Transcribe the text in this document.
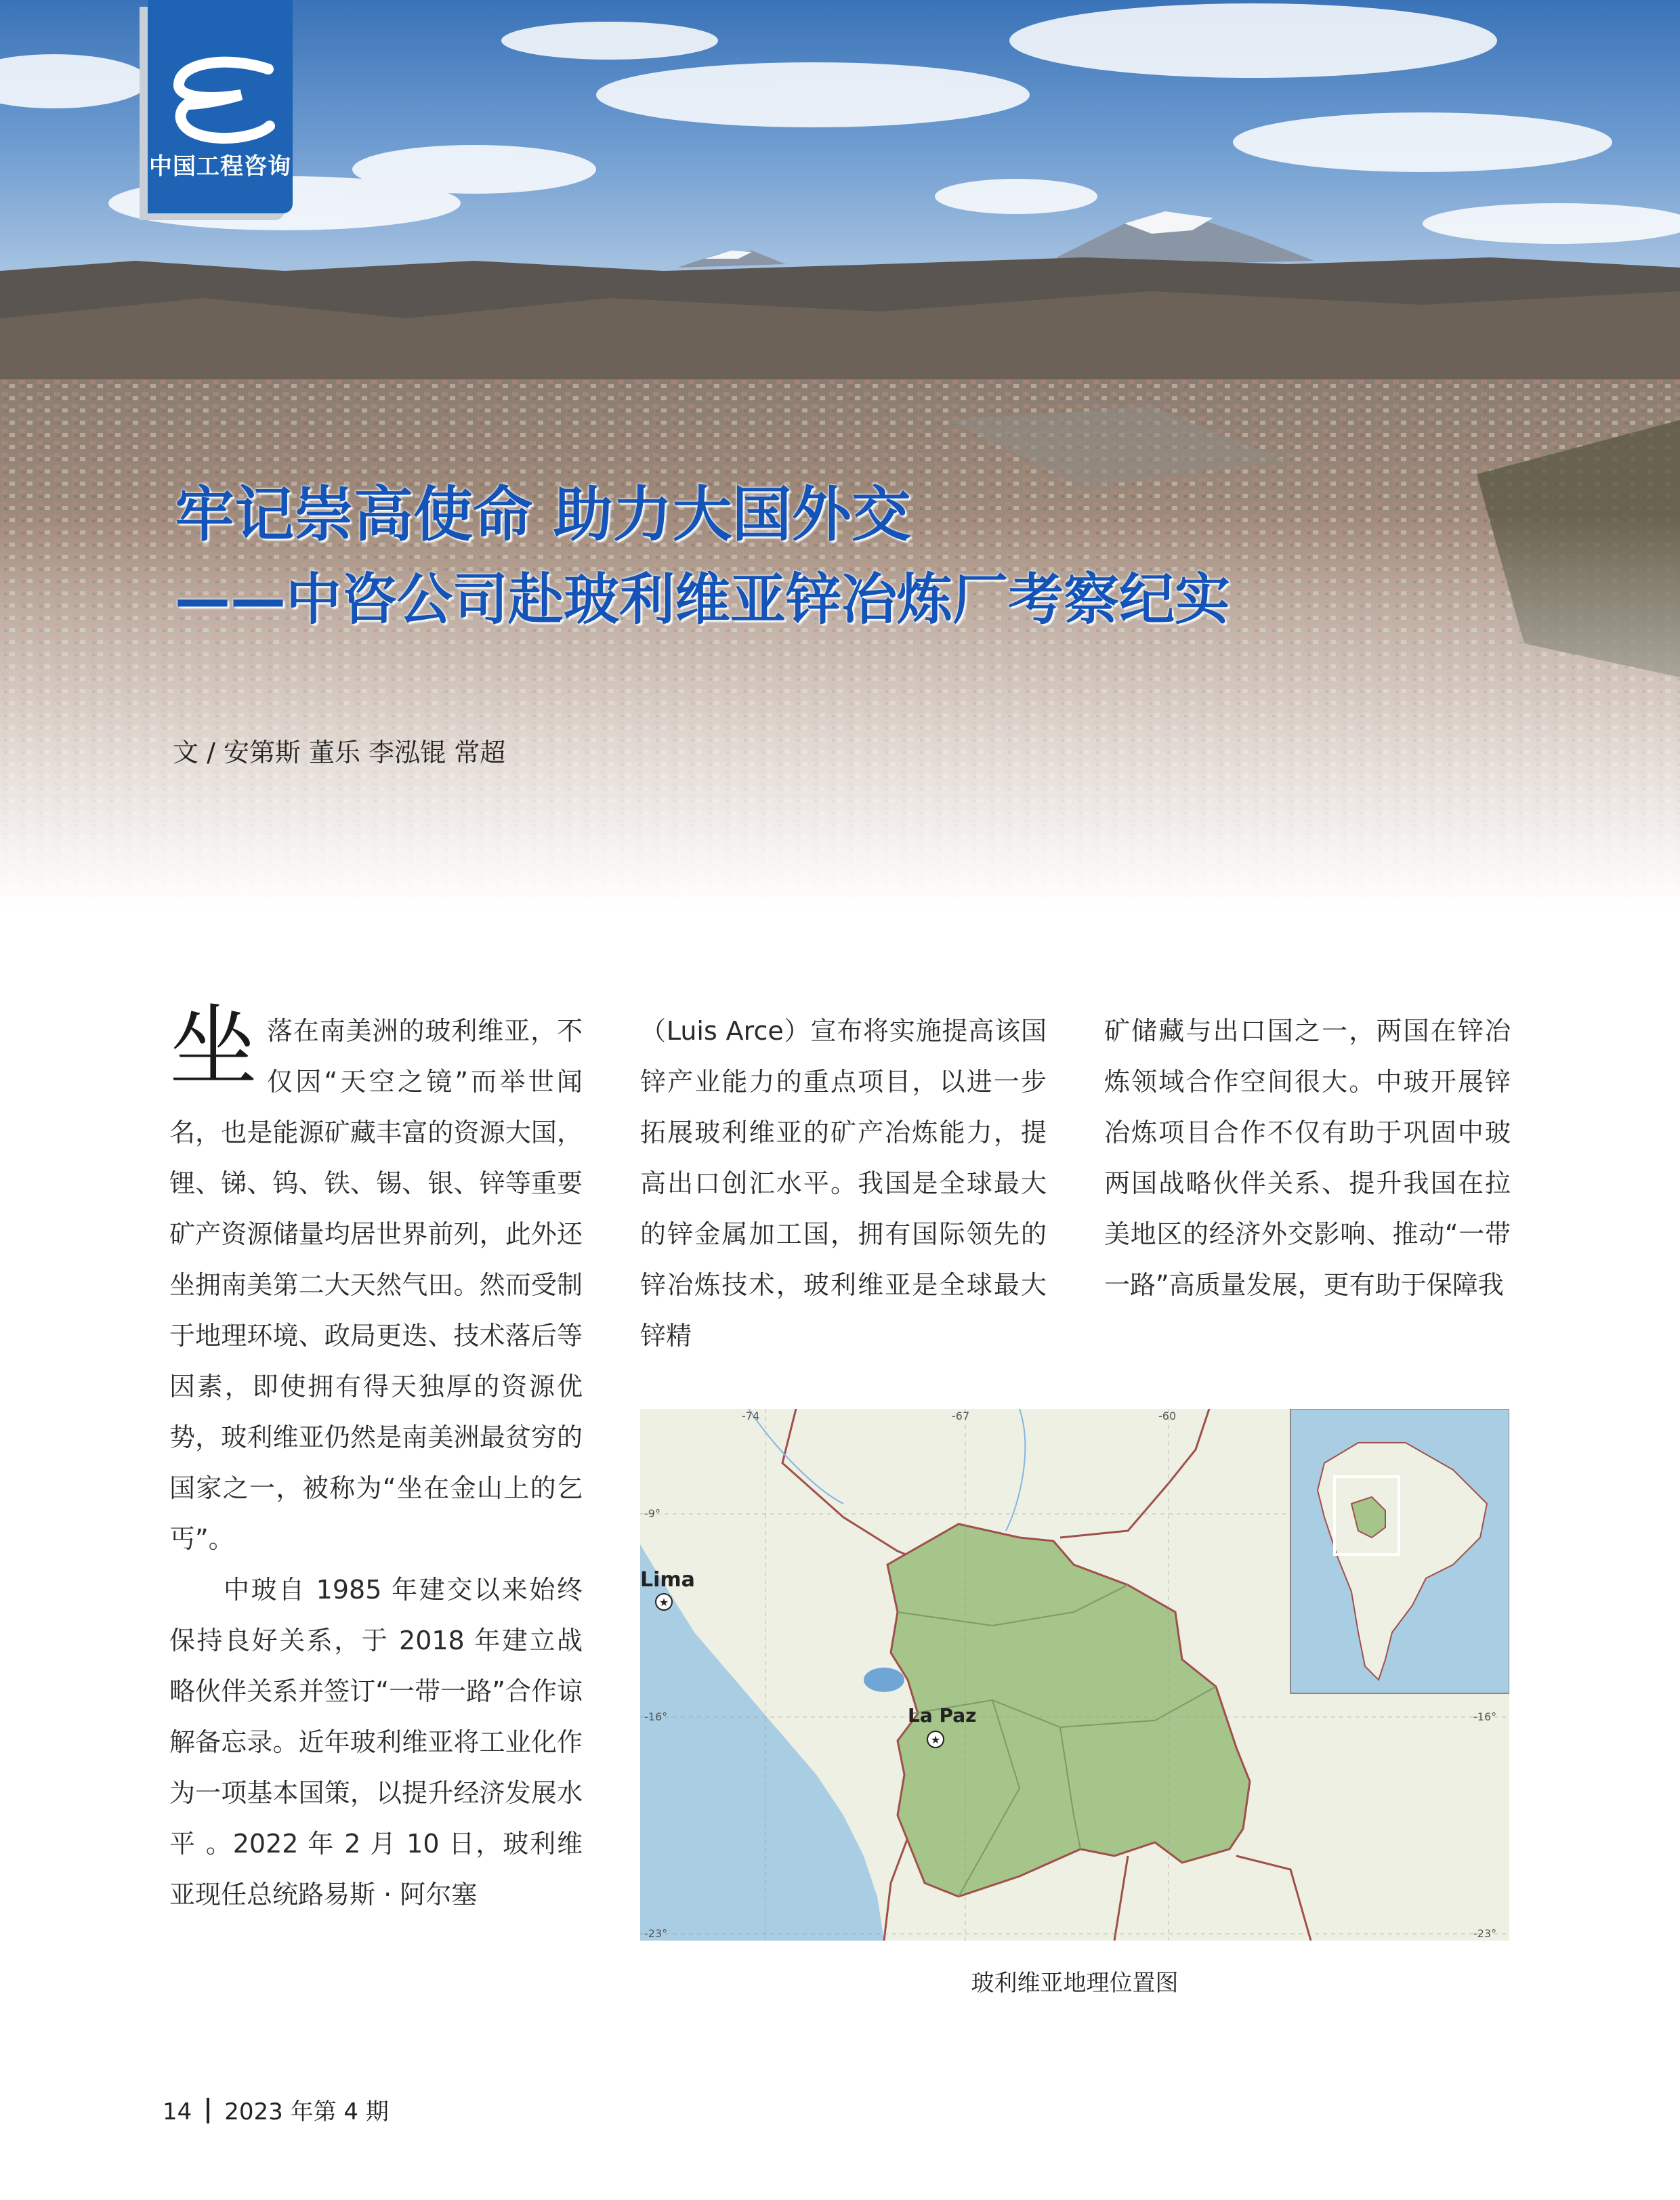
中国工程咨询
牢记崇高使命 助力大国外交
——中咨公司赴玻利维亚锌冶炼厂考察纪实
文 / 安第斯 董乐 李泓锟 常超

坐落在南美洲的玻利维亚，不仅因“天空之镜”而举世闻名，也是能源矿藏丰富的资源大国，锂、锑、钨、铁、锡、银、锌等重要矿产资源储量均居世界前列，此外还坐拥南美第二大天然气田。然而受制于地理环境、政局更迭、技术落后等因素，即使拥有得天独厚的资源优势，玻利维亚仍然是南美洲最贫穷的国家之一，被称为“坐在金山上的乞丐”。

中玻自 1985 年建交以来始终保持良好关系，于 2018 年建立战略伙伴关系并签订“一带一路”合作谅解备忘录。近年玻利维亚将工业化作为一项基本国策，以提升经济发展水平 。2022 年 2 月 10 日，玻利维亚现任总统路易斯 · 阿尔塞

（Luis Arce）宣布将实施提高该国锌产业能力的重点项目，以进一步拓展玻利维亚的矿产冶炼能力，提高出口创汇水平。我国是全球最大的锌金属加工国，拥有国际领先的锌冶炼技术，玻利维亚是全球最大锌精

矿储藏与出口国之一，两国在锌冶炼领域合作空间很大。中玻开展锌冶炼项目合作不仅有助于巩固中玻两国战略伙伴关系、提升我国在拉美地区的经济外交影响、推动“一带一路”高质量发展，更有助于保障我

-74	-67	-60
-9°
-16°
-23°
-16°
-23°
★
Lima
★
La Paz
玻利维亚地理位置图
14 2023 年第 4 期
